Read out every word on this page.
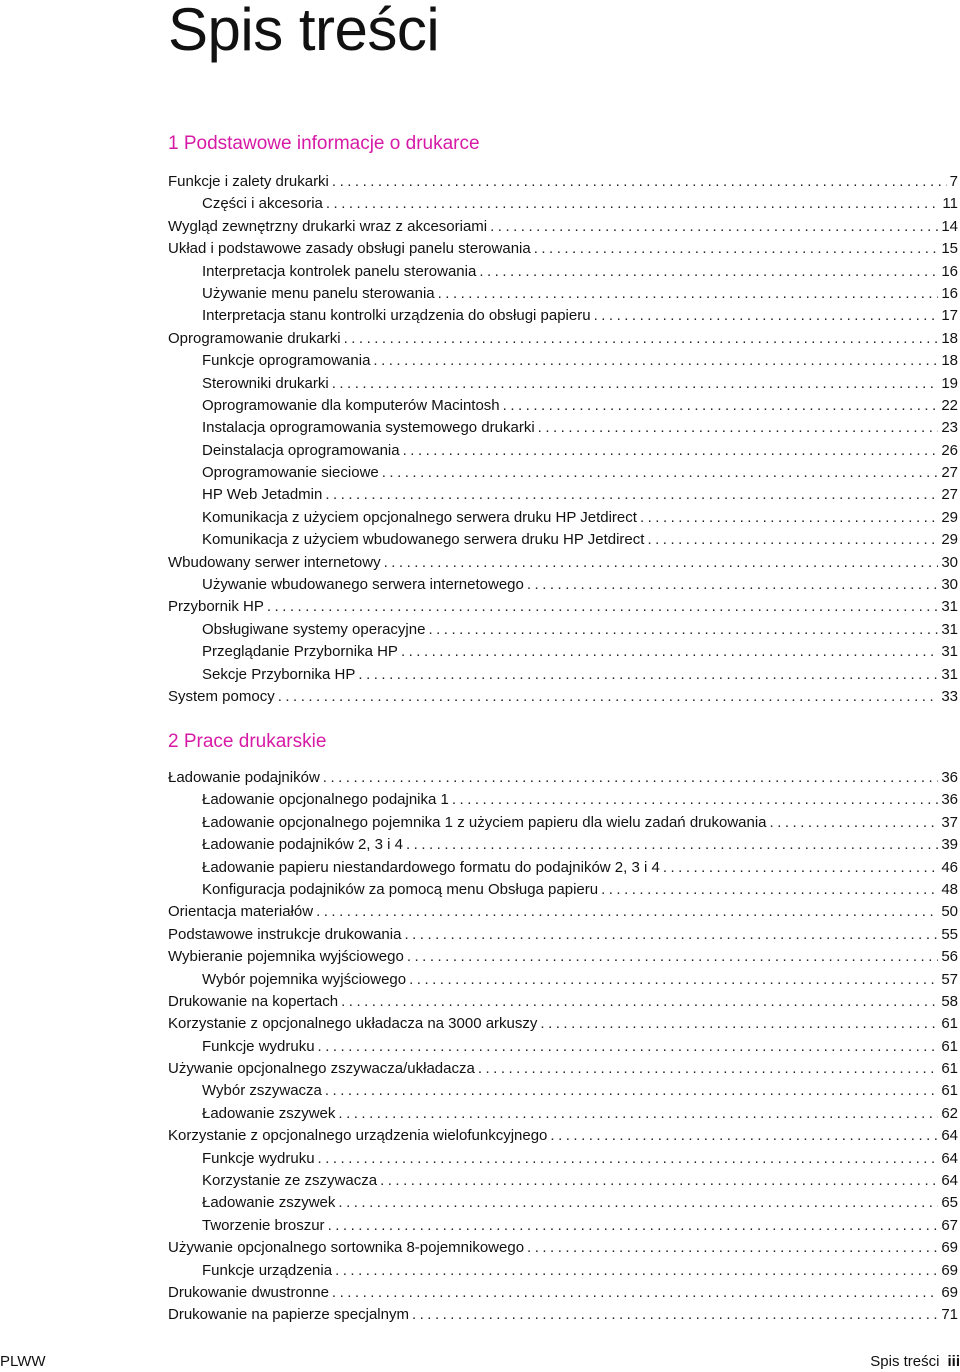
Spis treści
1 Podstawowe informacje o drukarce
Funkcje i zalety drukarki .....	7
Części i akcesoria .....	11
Wygląd zewnętrzny drukarki wraz z akcesoriami .....	14
Układ i podstawowe zasady obsługi panelu sterowania .....	15
Interpretacja kontrolek panelu sterowania .....	16
Używanie menu panelu sterowania .....	16
Interpretacja stanu kontrolki urządzenia do obsługi papieru .....	17
Oprogramowanie drukarki .....	18
Funkcje oprogramowania .....	18
Sterowniki drukarki .....	19
Oprogramowanie dla komputerów Macintosh .....	22
Instalacja oprogramowania systemowego drukarki .....	23
Deinstalacja oprogramowania .....	26
Oprogramowanie sieciowe .....	27
HP Web Jetadmin .....	27
Komunikacja z użyciem opcjonalnego serwera druku HP Jetdirect .....	29
Komunikacja z użyciem wbudowanego serwera druku HP Jetdirect .....	29
Wbudowany serwer internetowy .....	30
Używanie wbudowanego serwera internetowego .....	30
Przybornik HP .....	31
Obsługiwane systemy operacyjne .....	31
Przeglądanie Przybornika HP .....	31
Sekcje Przybornika HP .....	31
System pomocy .....	33
2 Prace drukarskie
Ładowanie podajników .....	36
Ładowanie opcjonalnego podajnika 1 .....	36
Ładowanie opcjonalnego pojemnika 1 z użyciem papieru dla wielu zadań drukowania .....	37
Ładowanie podajników 2, 3 i 4 .....	39
Ładowanie papieru niestandardowego formatu do podajników 2, 3 i 4 .....	46
Konfiguracja podajników za pomocą menu Obsługa papieru .....	48
Orientacja materiałów .....	50
Podstawowe instrukcje drukowania .....	55
Wybieranie pojemnika wyjściowego .....	56
Wybór pojemnika wyjściowego .....	57
Drukowanie na kopertach .....	58
Korzystanie z opcjonalnego układacza na 3000 arkuszy .....	61
Funkcje wydruku .....	61
Używanie opcjonalnego zszywacza/układacza .....	61
Wybór zszywacza .....	61
Ładowanie zszywek .....	62
Korzystanie z opcjonalnego urządzenia wielofunkcyjnego .....	64
Funkcje wydruku .....	64
Korzystanie ze zszywacza .....	64
Ładowanie zszywek .....	65
Tworzenie broszur .....	67
Używanie opcjonalnego sortownika 8-pojemnikowego .....	69
Funkcje urządzenia .....	69
Drukowanie dwustronne .....	69
Drukowanie na papierze specjalnym .....	71
PLWW	Spis treści iii
